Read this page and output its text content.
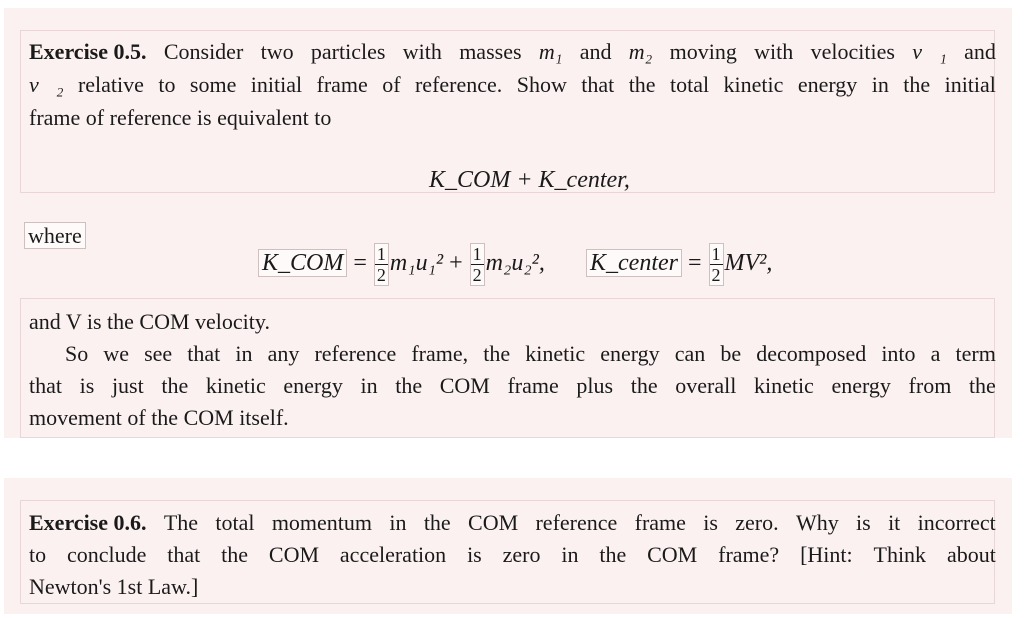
Exercise 0.5. Consider two particles with masses m₁ and m₂ moving with velocities v⃗₁ and
v⃗₂ relative to some initial frame of reference. Show that the total kinetic energy in the initial
frame of reference is equivalent to
K_COM + K_center,
where
K_COM = $\frac{1}{2} m_1u_1^2 + \frac{1}{2} m_2u_2^2$, K_center = $\frac{1}{2} MV^2$,
and V is the COM velocity.
So we see that in any reference frame, the kinetic energy can be decomposed into a term
that is just the kinetic energy in the COM frame plus the overall kinetic energy from the
movement of the COM itself.
Exercise 0.6. The total momentum in the COM reference frame is zero. Why is it incorrect
to conclude that the COM acceleration is zero in the COM frame? [Hint: Think about
Newton's 1st Law.]
